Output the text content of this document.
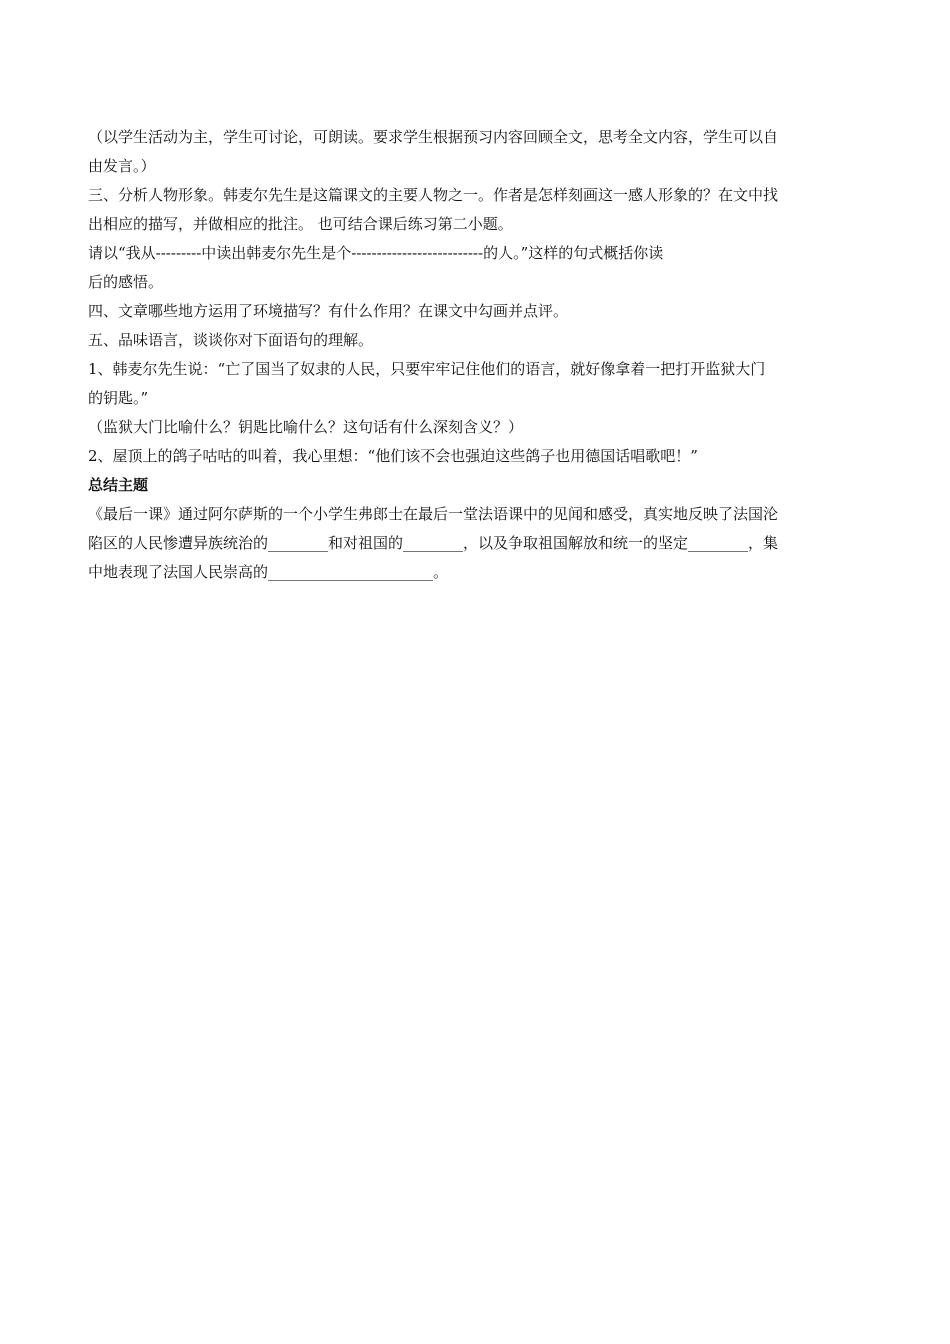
（以学生活动为主，学生可讨论，可朗读。要求学生根据预习内容回顾全文，思考全文内容，学生可以自
由发言。）
三、分析人物形象。韩麦尔先生是这篇课文的主要人物之一。作者是怎样刻画这一感人形象的？在文中找
出相应的描写，并做相应的批注。 也可结合课后练习第二小题。
请以“我从---------中读出韩麦尔先生是个--------------------------的人。”这样的句式概括你读
后的感悟。
四、文章哪些地方运用了环境描写？有什么作用？在课文中勾画并点评。
五、品味语言，谈谈你对下面语句的理解。
1、韩麦尔先生说：“亡了国当了奴隶的人民，只要牢牢记住他们的语言，就好像拿着一把打开监狱大门
的钥匙。”
（监狱大门比喻什么？钥匙比喻什么？这句话有什么深刻含义？）
2、屋顶上的鸽子咕咕的叫着，我心里想：“他们该不会也强迫这些鸽子也用德国话唱歌吧！”
总结主题
《最后一课》通过阿尔萨斯的一个小学生弗郎士在最后一堂法语课中的见闻和感受，真实地反映了法国沦
陷区的人民惨遭异族统治的________和对祖国的________，以及争取祖国解放和统一的坚定________，集
中地表现了法国人民崇高的______________________。
